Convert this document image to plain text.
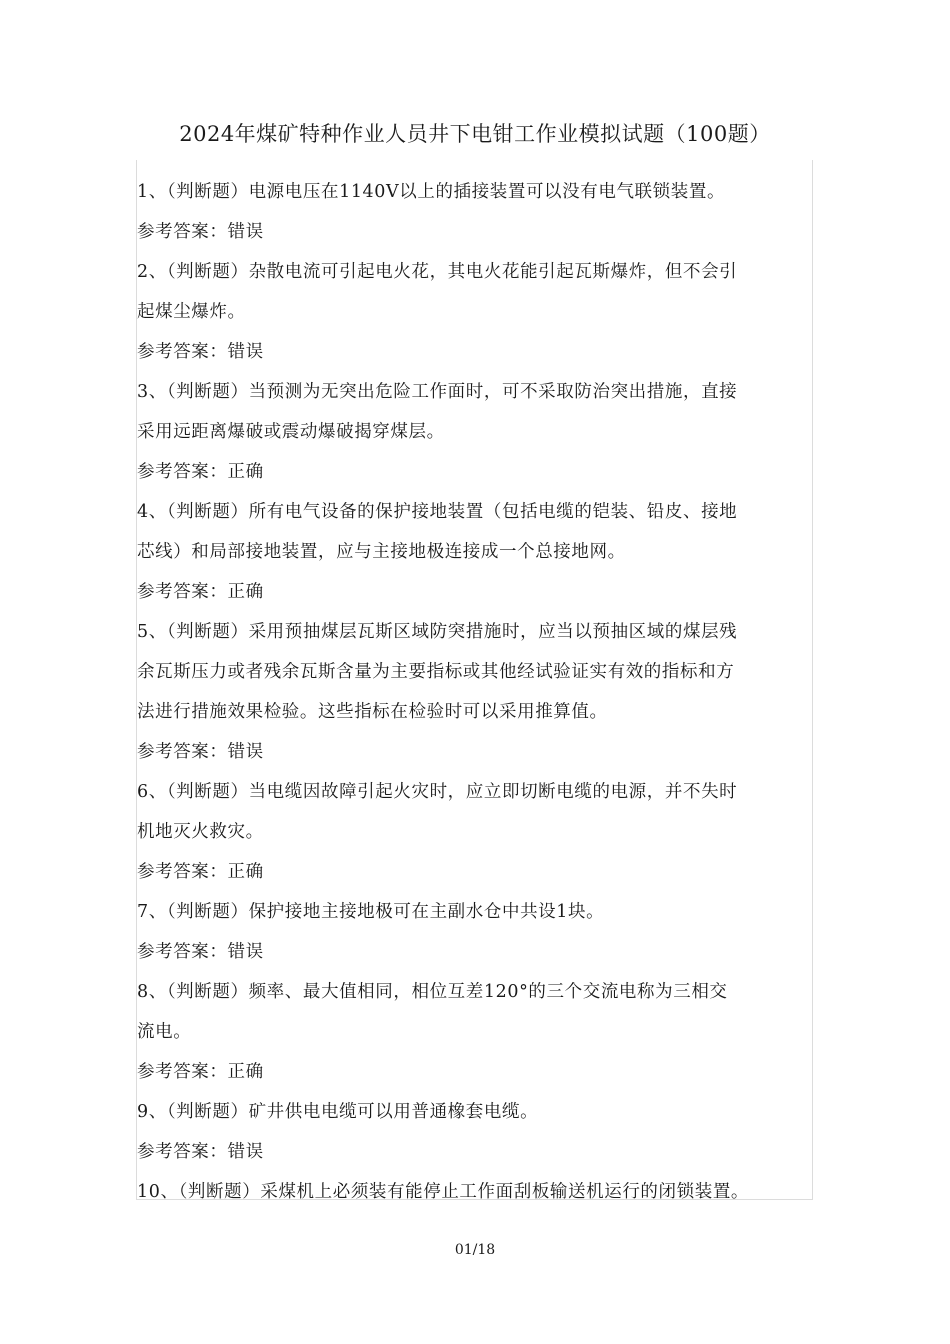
2024年煤矿特种作业人员井下电钳工作业模拟试题（100题）

1、（判断题）电源电压在1140V以上的插接装置可以没有电气联锁装置。

参考答案：错误

2、（判断题）杂散电流可引起电火花，其电火花能引起瓦斯爆炸，但不会引

起煤尘爆炸。

参考答案：错误

3、（判断题）当预测为无突出危险工作面时，可不采取防治突出措施，直接

采用远距离爆破或震动爆破揭穿煤层。

参考答案：正确

4、（判断题）所有电气设备的保护接地装置（包括电缆的铠装、铅皮、接地

芯线）和局部接地装置，应与主接地极连接成一个总接地网。

参考答案：正确

5、（判断题）采用预抽煤层瓦斯区域防突措施时，应当以预抽区域的煤层残

余瓦斯压力或者残余瓦斯含量为主要指标或其他经试验证实有效的指标和方

法进行措施效果检验。这些指标在检验时可以采用推算值。

参考答案：错误

6、（判断题）当电缆因故障引起火灾时，应立即切断电缆的电源，并不失时

机地灭火救灾。

参考答案：正确

7、（判断题）保护接地主接地极可在主副水仓中共设1块。

参考答案：错误

8、（判断题）频率、最大值相同，相位互差120°的三个交流电称为三相交

流电。

参考答案：正确

9、（判断题）矿井供电电缆可以用普通橡套电缆。

参考答案：错误

10、（判断题）采煤机上必须装有能停止工作面刮板输送机运行的闭锁装置。

01/18
